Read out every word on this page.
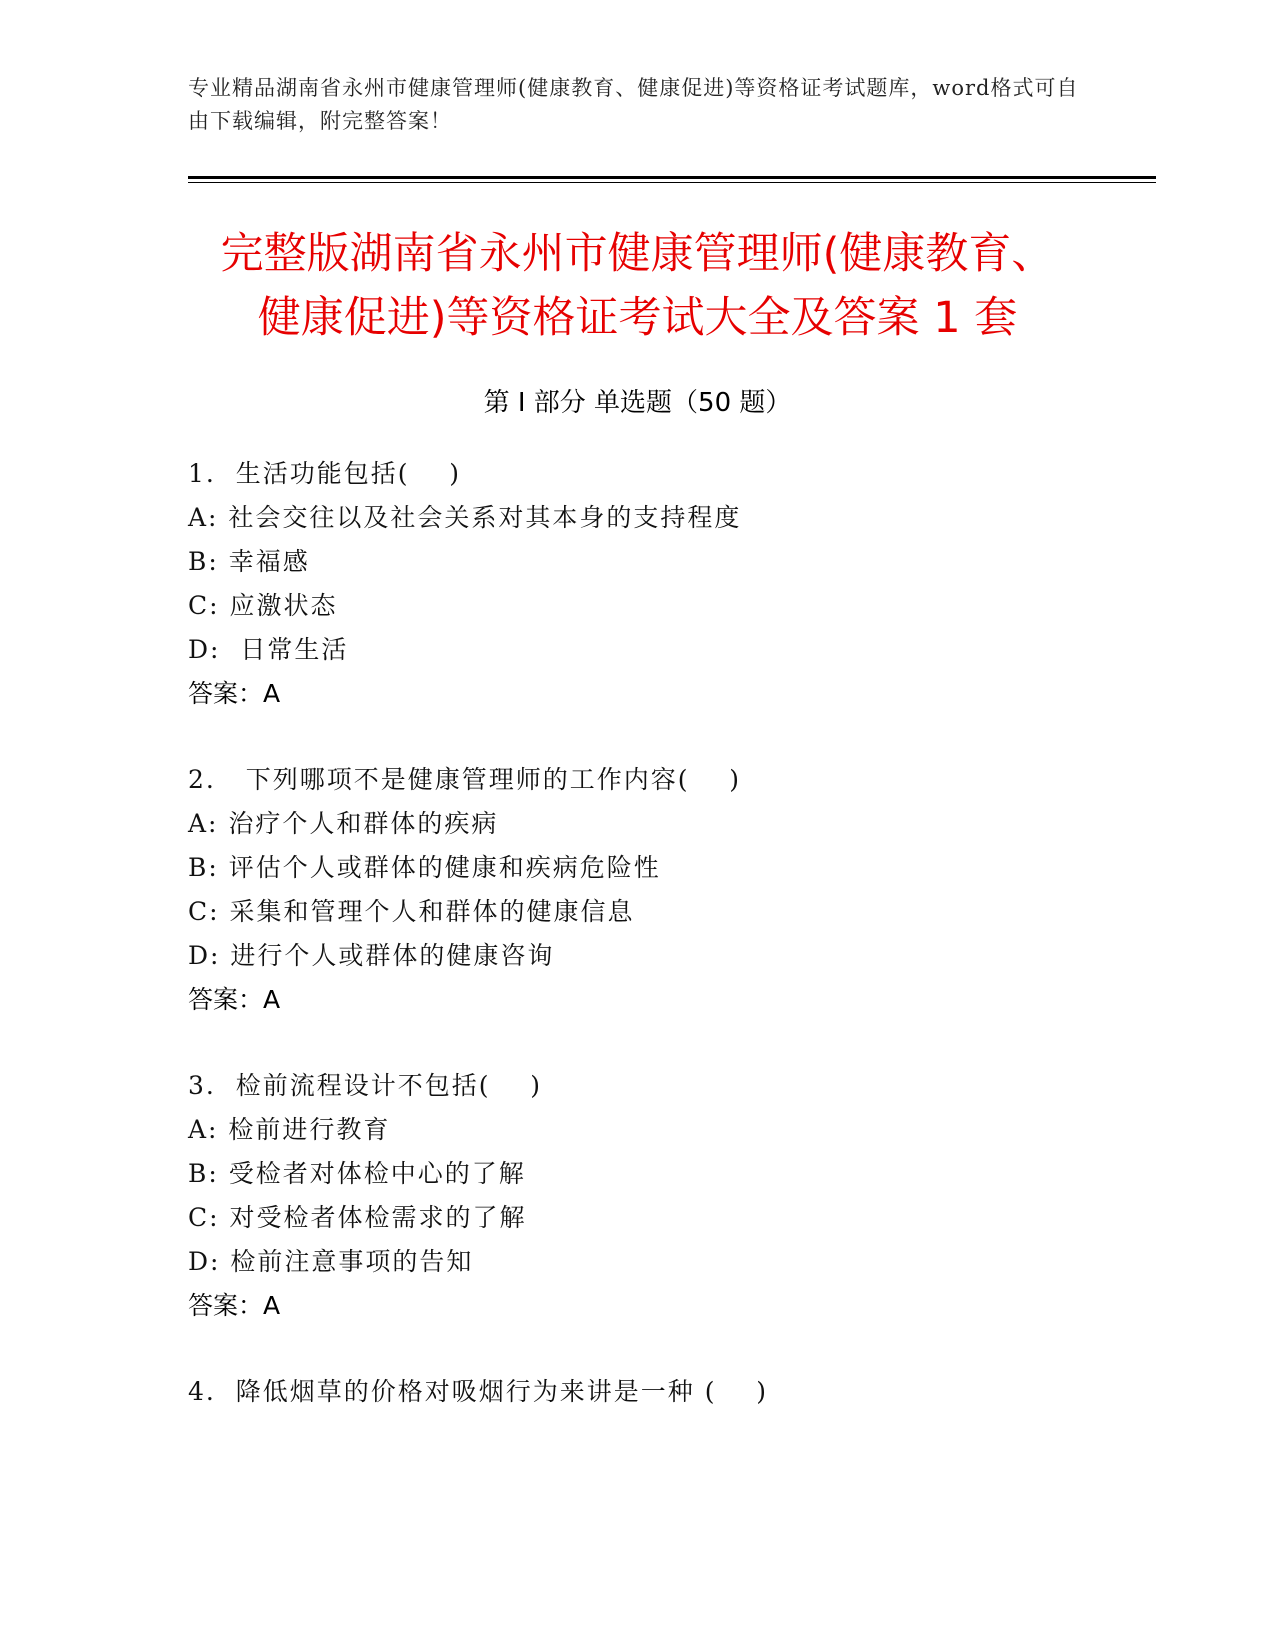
专业精品湖南省永州市健康管理师(健康教育、健康促进)等资格证考试题库，word格式可自由下载编辑，附完整答案！
完整版湖南省永州市健康管理师(健康教育、
健康促进)等资格证考试大全及答案 1 套
第 I 部分 单选题（50 题）
1.  生活功能包括(    )
A: 社会交往以及社会关系对其本身的支持程度
B: 幸福感
C: 应激状态
D:  日常生活
答案：A
2.   下列哪项不是健康管理师的工作内容(    )
A: 治疗个人和群体的疾病
B: 评估个人或群体的健康和疾病危险性
C: 采集和管理个人和群体的健康信息
D: 进行个人或群体的健康咨询
答案：A
3.  检前流程设计不包括(    )
A: 检前进行教育
B: 受检者对体检中心的了解
C: 对受检者体检需求的了解
D: 检前注意事项的告知
答案：A
4.  降低烟草的价格对吸烟行为来讲是一种 (    )
